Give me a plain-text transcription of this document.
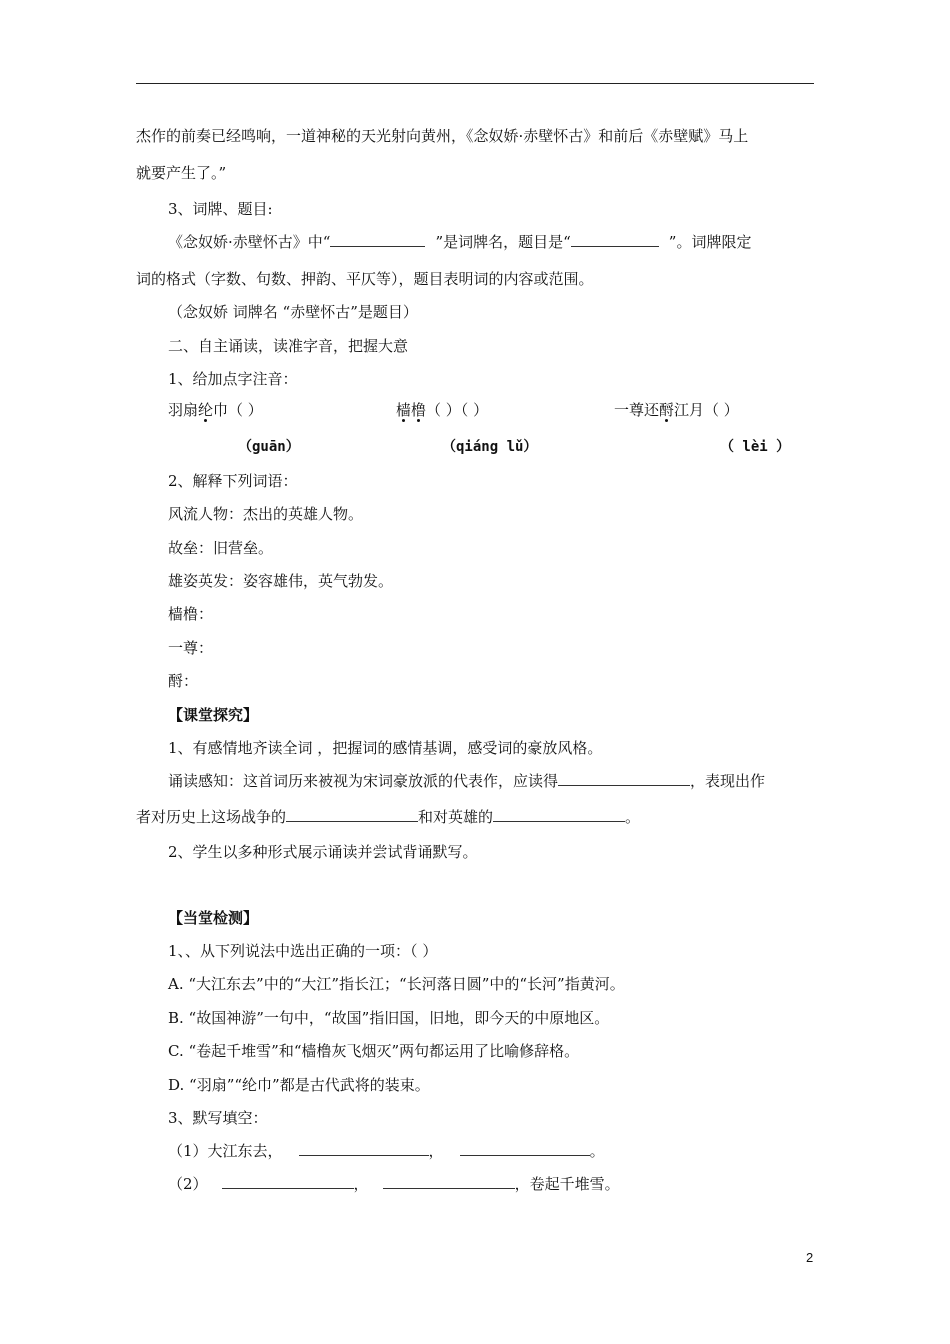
杰作的前奏已经鸣响，一道神秘的天光射向黄州，《念奴娇·赤壁怀古》和前后《赤壁赋》马上
就要产生了。”
3、词牌、题目:
《念奴娇·赤壁怀古》中“	”是词牌名，题目是“	”。词牌限定
词的格式（字数、句数、押韵、平仄等），题目表明词的内容或范围。
（念奴娇 词牌名 “赤壁怀古”是题目）
二、自主诵读，读准字音，把握大意
1、给加点字注音：
羽扇纶巾（ ）	樯橹（ ）（ ）	一尊还酹江月（ ）
（guān）	（qiáng lǔ）	（ lèi ）
2、解释下列词语：
风流人物：杰出的英雄人物。
故垒：旧营垒。
雄姿英发：姿容雄伟，英气勃发。
樯橹：
一尊：
酹：
【课堂探究】
1、有感情地齐读全词 ，把握词的感情基调，感受词的豪放风格。
诵读感知：这首词历来被视为宋词豪放派的代表作，应读得	，表现出作
者对历史上这场战争的	和对英雄的	。
2、学生以多种形式展示诵读并尝试背诵默写。
【当堂检测】
1、、从下列说法中选出正确的一项：（ ）
A. “大江东去”中的“大江”指长江；“长河落日圆”中的“长河”指黄河。
B. “故国神游”一句中，“故国”指旧国，旧地，即今天的中原地区。
C. “卷起千堆雪”和“樯橹灰飞烟灭”两句都运用了比喻修辞格。
D. “羽扇”“纶巾”都是古代武将的装束。
3、默写填空：
（1）大江东去，	，	。
（2）	，	，卷起千堆雪。
2
